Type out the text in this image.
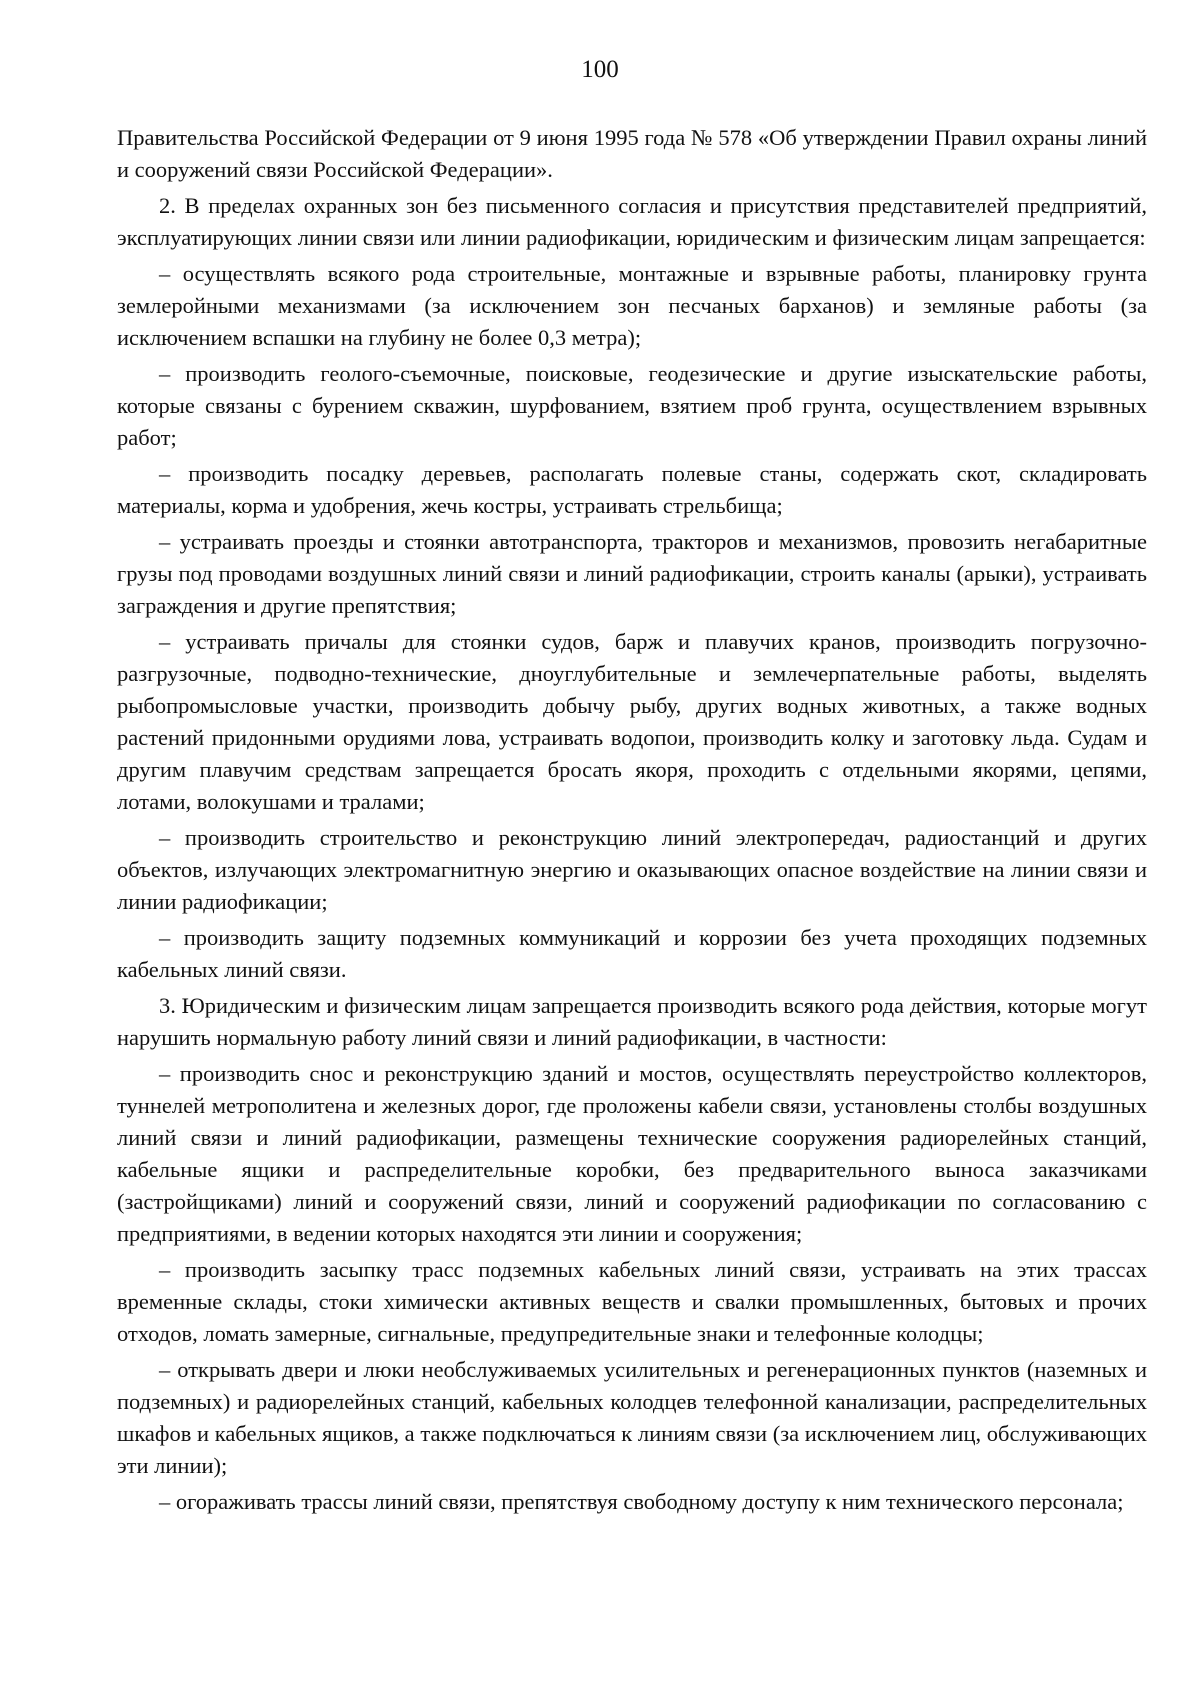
100

Правительства Российской Федерации от 9 июня 1995 года № 578 «Об утверждении Правил охраны линий и сооружений связи Российской Федерации».

2. В пределах охранных зон без письменного согласия и присутствия представителей предприятий, эксплуатирующих линии связи или линии радиофикации, юридическим и физическим лицам запрещается:

– осуществлять всякого рода строительные, монтажные и взрывные работы, планировку грунта землеройными механизмами (за исключением зон песчаных барханов) и земляные работы (за исключением вспашки на глубину не более 0,3 метра);

– производить геолого-съемочные, поисковые, геодезические и другие изыскательские работы, которые связаны с бурением скважин, шурфованием, взятием проб грунта, осуществлением взрывных работ;

– производить посадку деревьев, располагать полевые станы, содержать скот, складировать материалы, корма и удобрения, жечь костры, устраивать стрельбища;

– устраивать проезды и стоянки автотранспорта, тракторов и механизмов, провозить негабаритные грузы под проводами воздушных линий связи и линий радиофикации, строить каналы (арыки), устраивать заграждения и другие препятствия;

– устраивать причалы для стоянки судов, барж и плавучих кранов, производить погрузочно-разгрузочные, подводно-технические, дноуглубительные и землечерпательные работы, выделять рыбопромысловые участки, производить добычу рыбу, других водных животных, а также водных растений придонными орудиями лова, устраивать водопои, производить колку и заготовку льда. Судам и другим плавучим средствам запрещается бросать якоря, проходить с отдельными якорями, цепями, лотами, волокушами и тралами;

– производить строительство и реконструкцию линий электропередач, радиостанций и других объектов, излучающих электромагнитную энергию и оказывающих опасное воздействие на линии связи и линии радиофикации;

– производить защиту подземных коммуникаций и коррозии без учета проходящих подземных кабельных линий связи.

3. Юридическим и физическим лицам запрещается производить всякого рода действия, которые могут нарушить нормальную работу линий связи и линий радиофикации, в частности:

– производить снос и реконструкцию зданий и мостов, осуществлять переустройство коллекторов, туннелей метрополитена и железных дорог, где проложены кабели связи, установлены столбы воздушных линий связи и линий радиофикации, размещены технические сооружения радиорелейных станций, кабельные ящики и распределительные коробки, без предварительного выноса заказчиками (застройщиками) линий и сооружений связи, линий и сооружений радиофикации по согласованию с предприятиями, в ведении которых находятся эти линии и сооружения;

– производить засыпку трасс подземных кабельных линий связи, устраивать на этих трассах временные склады, стоки химически активных веществ и свалки промышленных, бытовых и прочих отходов, ломать замерные, сигнальные, предупредительные знаки и телефонные колодцы;

– открывать двери и люки необслуживаемых усилительных и регенерационных пунктов (наземных и подземных) и радиорелейных станций, кабельных колодцев телефонной канализации, распределительных шкафов и кабельных ящиков, а также подключаться к линиям связи (за исключением лиц, обслуживающих эти линии);

– огораживать трассы линий связи, препятствуя свободному доступу к ним технического персонала;
